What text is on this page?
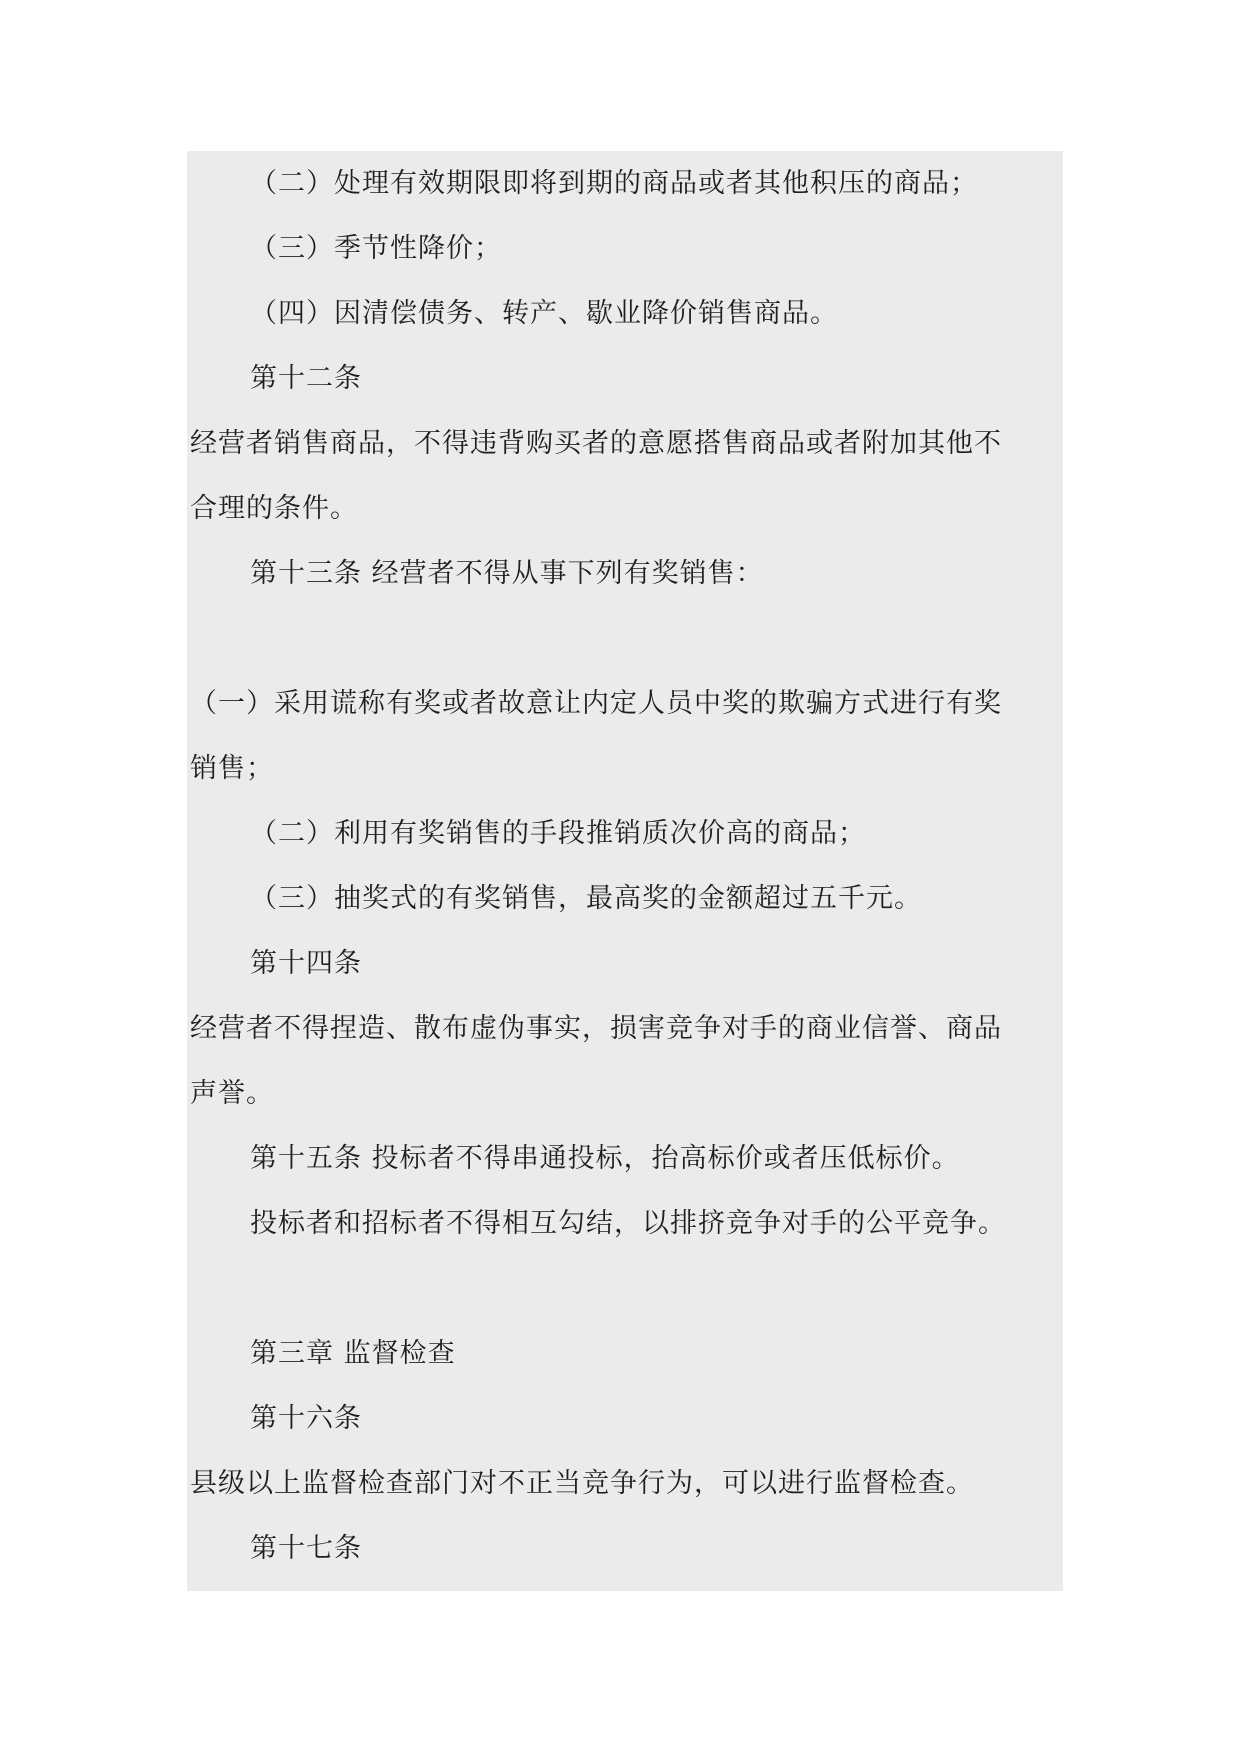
（二）处理有效期限即将到期的商品或者其他积压的商品；
（三）季节性降价；
（四）因清偿债务、转产、歇业降价销售商品。
第十二条
经营者销售商品，不得违背购买者的意愿搭售商品或者附加其他不
合理的条件。
第十三条 经营者不得从事下列有奖销售：
（一）采用谎称有奖或者故意让内定人员中奖的欺骗方式进行有奖
销售；
（二）利用有奖销售的手段推销质次价高的商品；
（三）抽奖式的有奖销售，最高奖的金额超过五千元。
第十四条
经营者不得捏造、散布虚伪事实，损害竞争对手的商业信誉、商品
声誉。
第十五条 投标者不得串通投标，抬高标价或者压低标价。
投标者和招标者不得相互勾结，以排挤竞争对手的公平竞争。
第三章 监督检查
第十六条
县级以上监督检查部门对不正当竞争行为，可以进行监督检查。
第十七条
